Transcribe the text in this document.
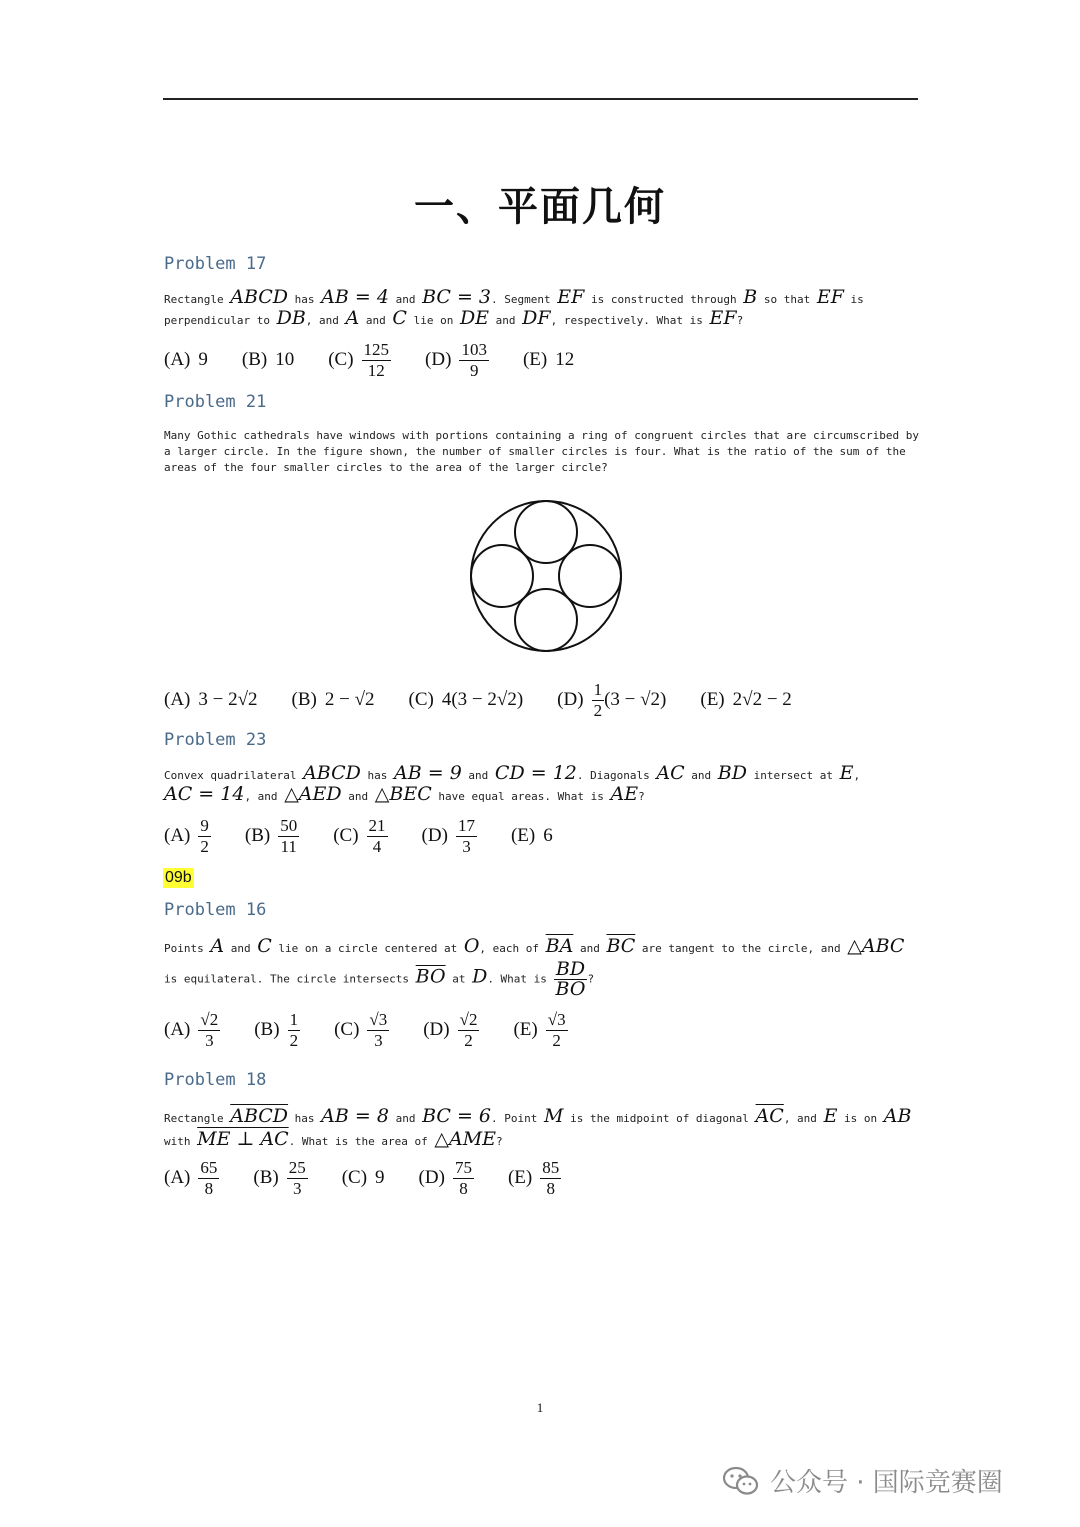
一、平面几何
Problem 17
Rectangle ABCD has AB = 4 and BC = 3. Segment EF is constructed through B so that EF is
perpendicular to DB, and A and C lie on DE and DF, respectively. What is EF?
(A) 9 (B) 10 $(C) \frac{125}{12} (D) \frac{103}{9} (E)$ 12
Problem 21
Many Gothic cathedrals have windows with portions containing a ring of congruent circles that are circumscribed by
a larger circle. In the figure shown, the number of smaller circles is four. What is the ratio of the sum of the
areas of the four smaller circles to the area of the larger circle?
(A) 3 − 2√2 (B) 2 − √2 (C) 4(3 − 2√2) $(D) \frac{1}{2} (3 - √2)$ (E) 2√2 − 2
Problem 23
Convex quadrilateral ABCD has AB = 9 and CD = 12. Diagonals AC and BD intersect at E,
AC = 14, and △AED and △BEC have equal areas. What is AE?
$(A) \frac{9}{2} (B) \frac{50}{11} (C) \frac{21}{4} (D) \frac{17}{3} (E)$ 6
09b
Problem 16
Points A and C lie on a circle centered at O, each of $\overline{BA}$ and $\overline{BC}$ are tangent to the circle, and △ABC
is equilateral. The circle intersects $\overline{BO}$ at D. What is $\frac{BD}{BO}$ ?
$(A) \frac{√2}{3} (B) \frac{1}{2} (C) \frac{√3}{3} (D) \frac{√2}{2} (E) \frac{√3}{2}$
Problem 18
Rectangle ABCD has AB = 8 and BC = 6. Point M is the midpoint of diagonal $\overline{AC}$, and E is on AB
with ME ⊥ AC. What is the area of △AME?
$(A) \frac{65}{8} (B) \frac{25}{3} (C)$ 9 $(D) \frac{75}{8} (E) \frac{85}{8}$
1
公众号 · 国际竞赛圈
